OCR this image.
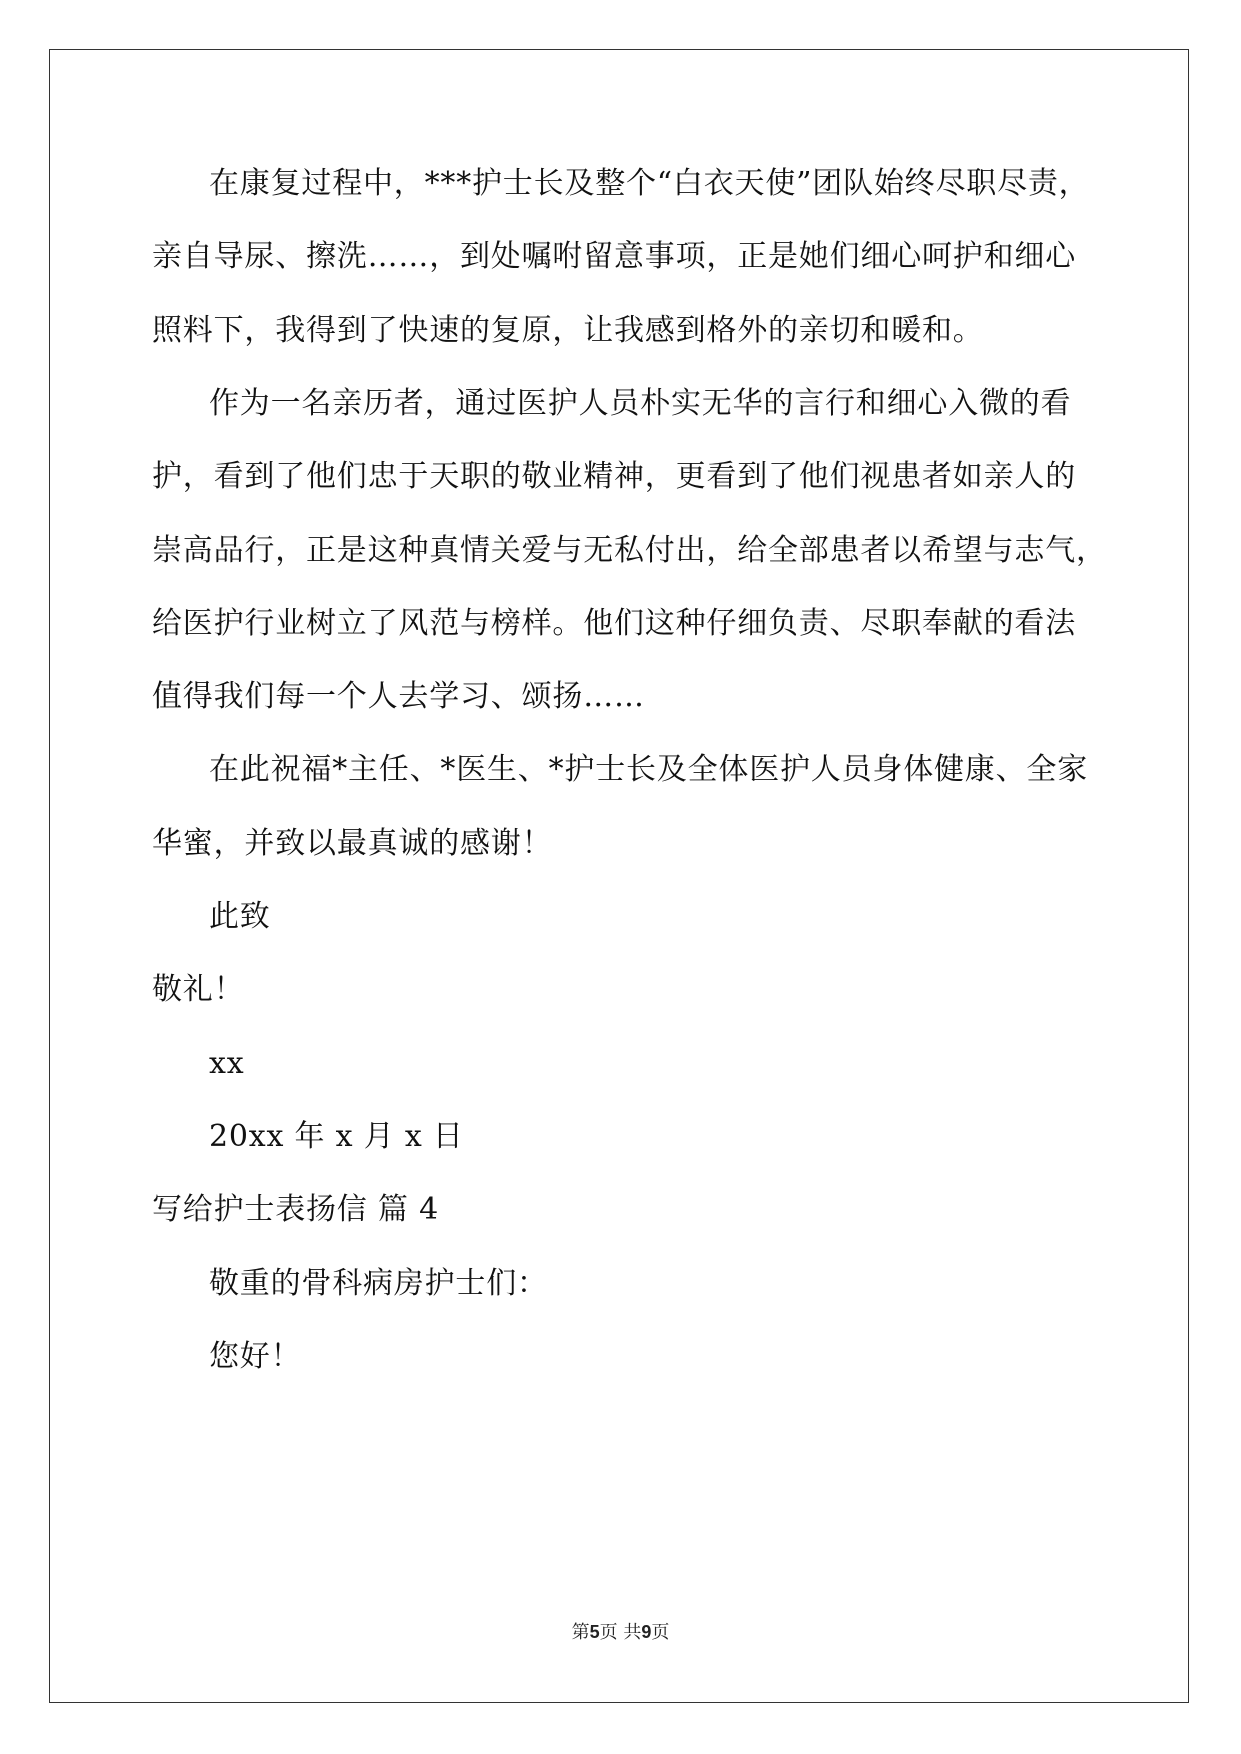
在康复过程中，***护士长及整个“白衣天使”团队始终尽职尽责，
亲自导尿、擦洗……，到处嘱咐留意事项，正是她们细心呵护和细心
照料下，我得到了快速的复原，让我感到格外的亲切和暖和。
作为一名亲历者，通过医护人员朴实无华的言行和细心入微的看
护，看到了他们忠于天职的敬业精神，更看到了他们视患者如亲人的
崇高品行，正是这种真情关爱与无私付出，给全部患者以希望与志气，
给医护行业树立了风范与榜样。他们这种仔细负责、尽职奉献的看法
值得我们每一个人去学习、颂扬……
在此祝福*主任、*医生、*护士长及全体医护人员身体健康、全家
华蜜，并致以最真诚的感谢！
此致
敬礼！
xx
20xx 年 x 月 x 日
写给护士表扬信 篇 4
敬重的骨科病房护士们：
您好！
第5页 共9页
